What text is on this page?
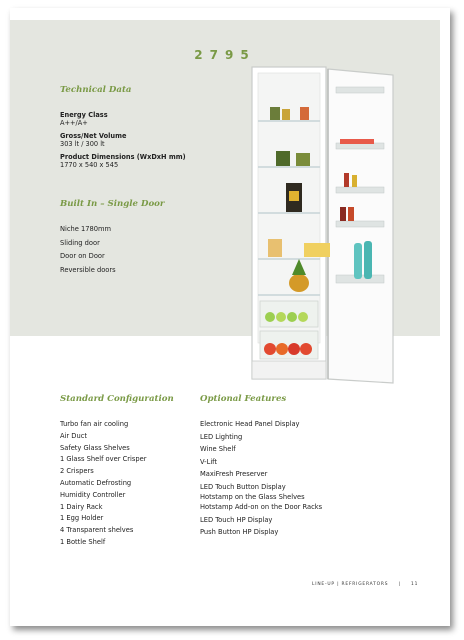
2795
Technical Data
Energy Class
A++/A+
Gross/Net Volume
303 lt / 300 lt
Product Dimensions (WxDxH mm)
1770 x 540 x 545
Built In – Single Door
Niche 1780mm
Sliding door
Door on Door
Reversible doors
Standard Configuration
Turbo fan air cooling
Air Duct
Safety Glass Shelves
1 Glass Shelf over Crisper
2 Crispers
Automatic Defrosting
Humidity Controller
1 Dairy Rack
1 Egg Holder
4 Transparent shelves
1 Bottle Shelf
Optional Features
Electronic Head Panel Display
LED Lighting
Wine Shelf
V-Lift
MaxiFresh Preserver
LED Touch Button Display
Hotstamp on the Glass Shelves
Hotstamp Add-on on the Door Racks
LED Touch HP Display
Push Button HP Display
LINE-UP | REFRIGERATORS | 11
